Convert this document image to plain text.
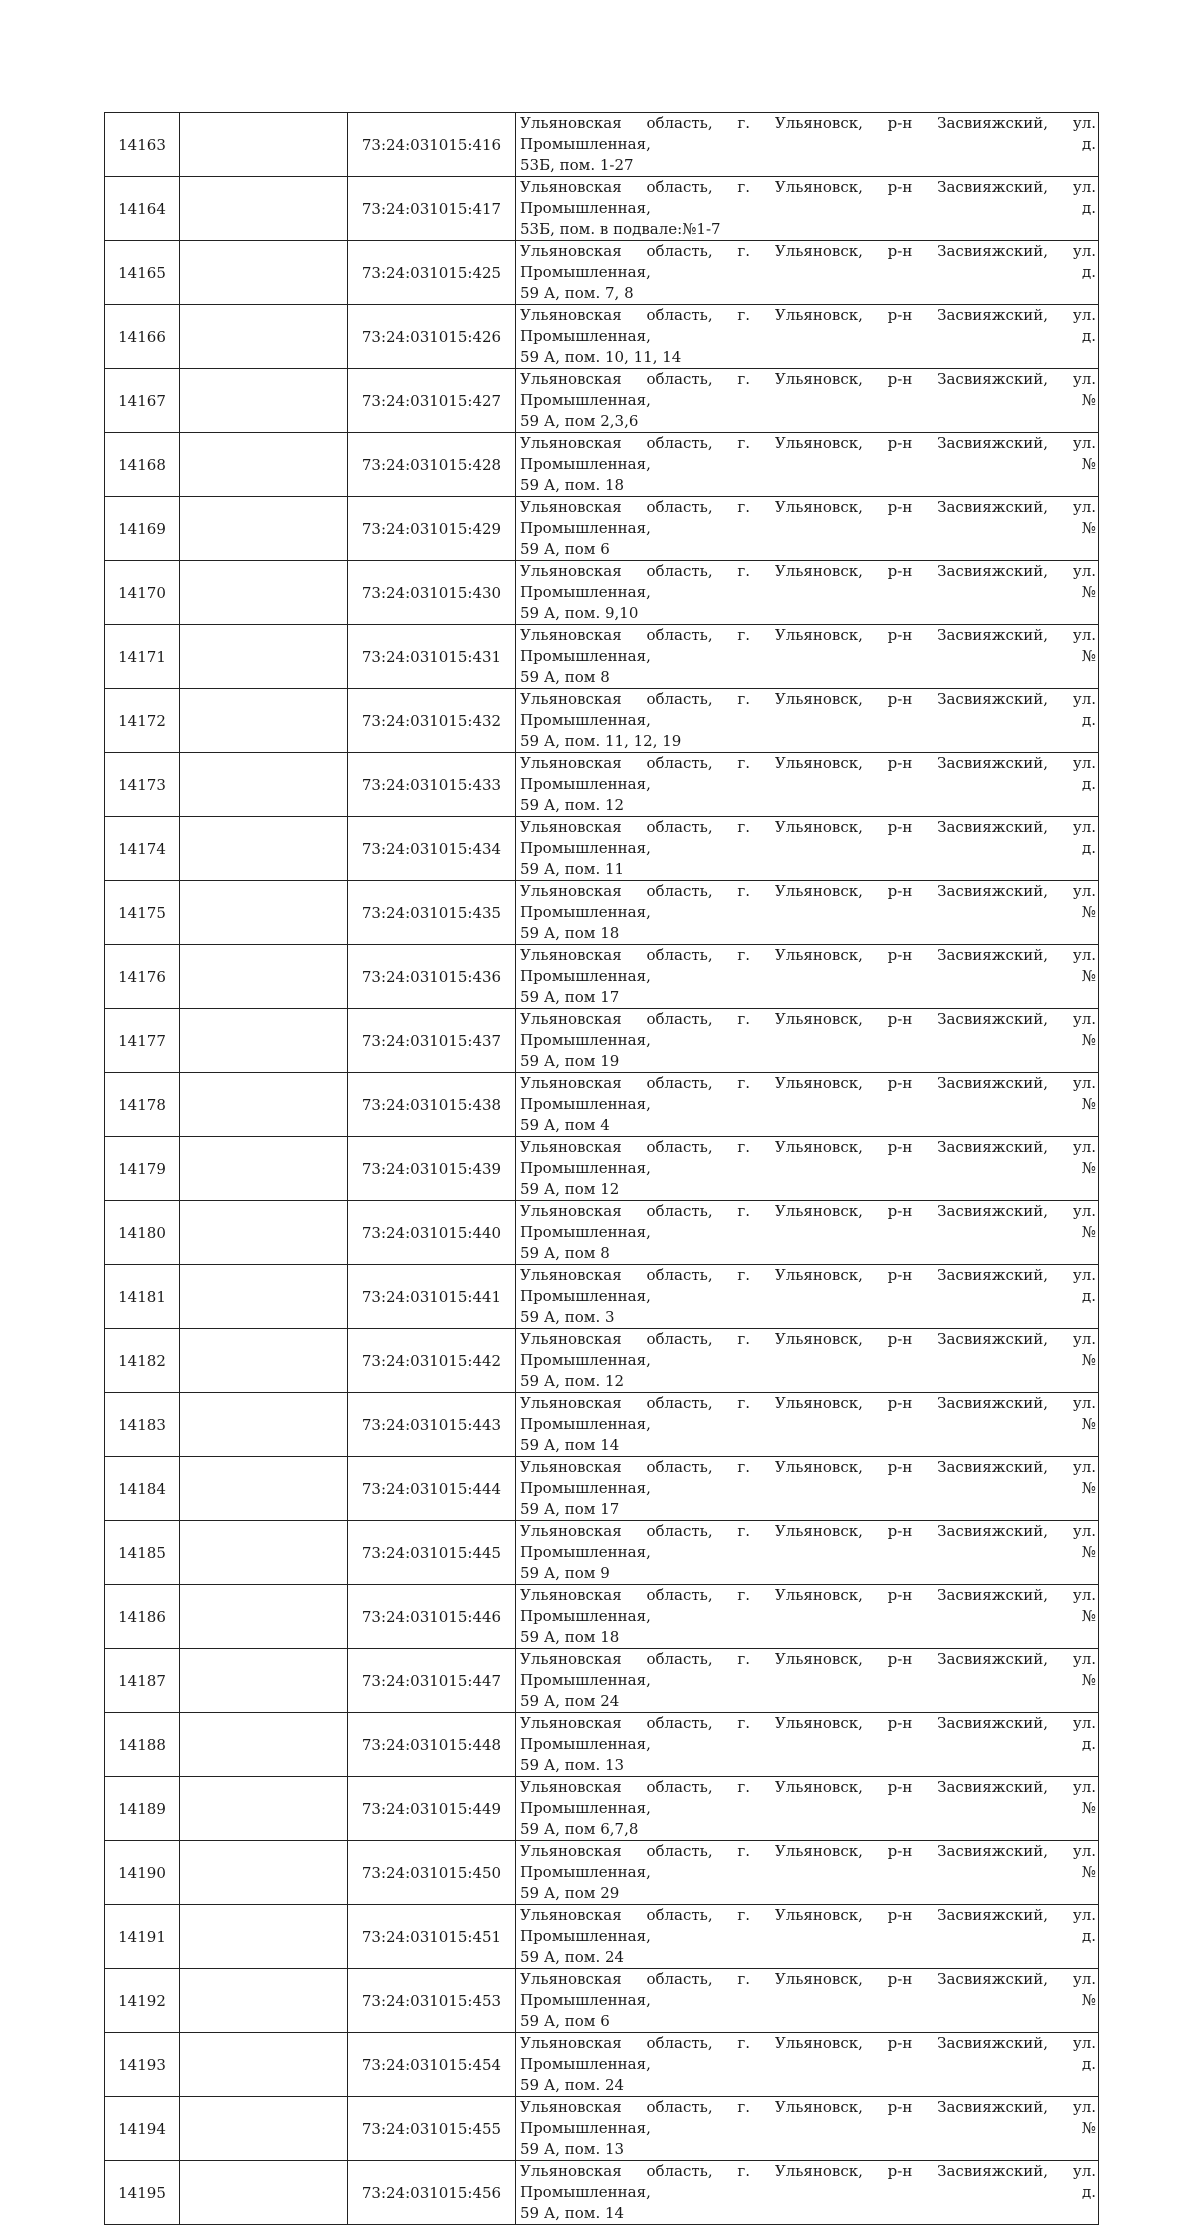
14163		73:24:031015:416	Ульяновская область, г. Ульяновск, р-н Засвияжский, ул. Промышленная, д.
53Б, пом. 1-27

14164		73:24:031015:417	Ульяновская область, г. Ульяновск, р-н Засвияжский, ул. Промышленная, д.
53Б, пом. в подвале:№1-7

14165		73:24:031015:425	Ульяновская область, г. Ульяновск, р-н Засвияжский, ул. Промышленная, д.
59 А, пом. 7, 8

14166		73:24:031015:426	Ульяновская область, г. Ульяновск, р-н Засвияжский, ул. Промышленная, д.
59 А, пом. 10, 11, 14

14167		73:24:031015:427	Ульяновская область, г. Ульяновск, р-н Засвияжский, ул. Промышленная, №
59 А, пом 2,3,6

14168		73:24:031015:428	Ульяновская область, г. Ульяновск, р-н Засвияжский, ул. Промышленная, №
59 А, пом. 18

14169		73:24:031015:429	Ульяновская область, г. Ульяновск, р-н Засвияжский, ул. Промышленная, №
59 А, пом 6

14170		73:24:031015:430	Ульяновская область, г. Ульяновск, р-н Засвияжский, ул. Промышленная, №
59 А, пом. 9,10

14171		73:24:031015:431	Ульяновская область, г. Ульяновск, р-н Засвияжский, ул. Промышленная, №
59 А, пом 8

14172		73:24:031015:432	Ульяновская область, г. Ульяновск, р-н Засвияжский, ул. Промышленная, д.
59 А, пом. 11, 12, 19

14173		73:24:031015:433	Ульяновская область, г. Ульяновск, р-н Засвияжский, ул. Промышленная, д.
59 А, пом. 12

14174		73:24:031015:434	Ульяновская область, г. Ульяновск, р-н Засвияжский, ул. Промышленная, д.
59 А, пом. 11

14175		73:24:031015:435	Ульяновская область, г. Ульяновск, р-н Засвияжский, ул. Промышленная, №
59 А, пом 18

14176		73:24:031015:436	Ульяновская область, г. Ульяновск, р-н Засвияжский, ул. Промышленная, №
59 А, пом 17

14177		73:24:031015:437	Ульяновская область, г. Ульяновск, р-н Засвияжский, ул. Промышленная, №
59 А, пом 19

14178		73:24:031015:438	Ульяновская область, г. Ульяновск, р-н Засвияжский, ул. Промышленная, №
59 А, пом 4

14179		73:24:031015:439	Ульяновская область, г. Ульяновск, р-н Засвияжский, ул. Промышленная, №
59 А, пом 12

14180		73:24:031015:440	Ульяновская область, г. Ульяновск, р-н Засвияжский, ул. Промышленная, №
59 А, пом 8

14181		73:24:031015:441	Ульяновская область, г. Ульяновск, р-н Засвияжский, ул. Промышленная, д.
59 А, пом. 3

14182		73:24:031015:442	Ульяновская область, г. Ульяновск, р-н Засвияжский, ул. Промышленная, №
59 А, пом. 12

14183		73:24:031015:443	Ульяновская область, г. Ульяновск, р-н Засвияжский, ул. Промышленная, №
59 А, пом 14

14184		73:24:031015:444	Ульяновская область, г. Ульяновск, р-н Засвияжский, ул. Промышленная, №
59 А, пом 17

14185		73:24:031015:445	Ульяновская область, г. Ульяновск, р-н Засвияжский, ул. Промышленная, №
59 А, пом 9

14186		73:24:031015:446	Ульяновская область, г. Ульяновск, р-н Засвияжский, ул. Промышленная, №
59 А, пом 18

14187		73:24:031015:447	Ульяновская область, г. Ульяновск, р-н Засвияжский, ул. Промышленная, №
59 А, пом 24

14188		73:24:031015:448	Ульяновская область, г. Ульяновск, р-н Засвияжский, ул. Промышленная, д.
59 А, пом. 13

14189		73:24:031015:449	Ульяновская область, г. Ульяновск, р-н Засвияжский, ул. Промышленная, №
59 А, пом 6,7,8

14190		73:24:031015:450	Ульяновская область, г. Ульяновск, р-н Засвияжский, ул. Промышленная, №
59 А, пом 29

14191		73:24:031015:451	Ульяновская область, г. Ульяновск, р-н Засвияжский, ул. Промышленная, д.
59 А, пом. 24

14192		73:24:031015:453	Ульяновская область, г. Ульяновск, р-н Засвияжский, ул. Промышленная, №
59 А, пом 6

14193		73:24:031015:454	Ульяновская область, г. Ульяновск, р-н Засвияжский, ул. Промышленная, д.
59 А, пом. 24

14194		73:24:031015:455	Ульяновская область, г. Ульяновск, р-н Засвияжский, ул. Промышленная, №
59 А, пом. 13

14195		73:24:031015:456	Ульяновская область, г. Ульяновск, р-н Засвияжский, ул. Промышленная, д.
59 А, пом. 14
